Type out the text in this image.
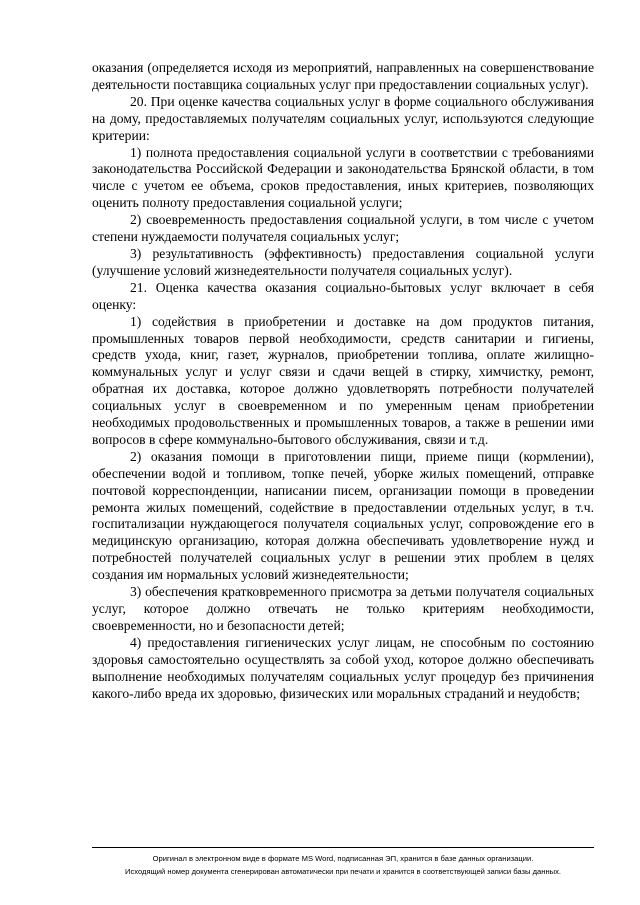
оказания (определяется исходя из мероприятий, направленных на совершенствование деятельности поставщика социальных услуг при предоставлении социальных услуг).

20. При оценке качества социальных услуг в форме социального обслуживания на дому, предоставляемых получателям социальных услуг, используются следующие критерии:

1) полнота предоставления социальной услуги в соответствии с требованиями законодательства Российской Федерации и законодательства Брянской области, в том числе с учетом ее объема, сроков предоставления, иных критериев, позволяющих оценить полноту предоставления социальной услуги;

2) своевременность предоставления социальной услуги, в том числе с учетом степени нуждаемости получателя социальных услуг;

3) результативность (эффективность) предоставления социальной услуги (улучшение условий жизнедеятельности получателя социальных услуг).

21. Оценка качества оказания социально-бытовых услуг включает в себя оценку:

1) содействия в приобретении и доставке на дом продуктов питания, промышленных товаров первой необходимости, средств санитарии и гигиены, средств ухода, книг, газет, журналов, приобретении топлива, оплате жилищно-коммунальных услуг и услуг связи и сдачи вещей в стирку, химчистку, ремонт, обратная их доставка, которое должно удовлетворять потребности получателей социальных услуг в своевременном и по умеренным ценам приобретении необходимых продовольственных и промышленных товаров, а также в решении ими вопросов в сфере коммунально-бытового обслуживания, связи и т.д.

2) оказания помощи в приготовлении пищи, приеме пищи (кормлении), обеспечении водой и топливом, топке печей, уборке жилых помещений, отправке почтовой корреспонденции, написании писем, организации помощи в проведении ремонта жилых помещений, содействие в предоставлении отдельных услуг, в т.ч. госпитализации нуждающегося получателя социальных услуг, сопровождение его в медицинскую организацию, которая должна обеспечивать удовлетворение нужд и потребностей получателей социальных услуг в решении этих проблем в целях создания им нормальных условий жизнедеятельности;

3) обеспечения кратковременного присмотра за детьми получателя социальных услуг, которое должно отвечать не только критериям необходимости, своевременности, но и безопасности детей;

4) предоставления гигиенических услуг лицам, не способным по состоянию здоровья самостоятельно осуществлять за собой уход, которое должно обеспечивать выполнение необходимых получателям социальных услуг процедур без причинения какого-либо вреда их здоровью, физических или моральных страданий и неудобств;

Оригинал в электронном виде в формате MS Word, подписанная ЭП, хранится в базе данных организации.
Исходящий номер документа сгенерирован автоматически при печати и хранится в соответствующей записи базы данных.
